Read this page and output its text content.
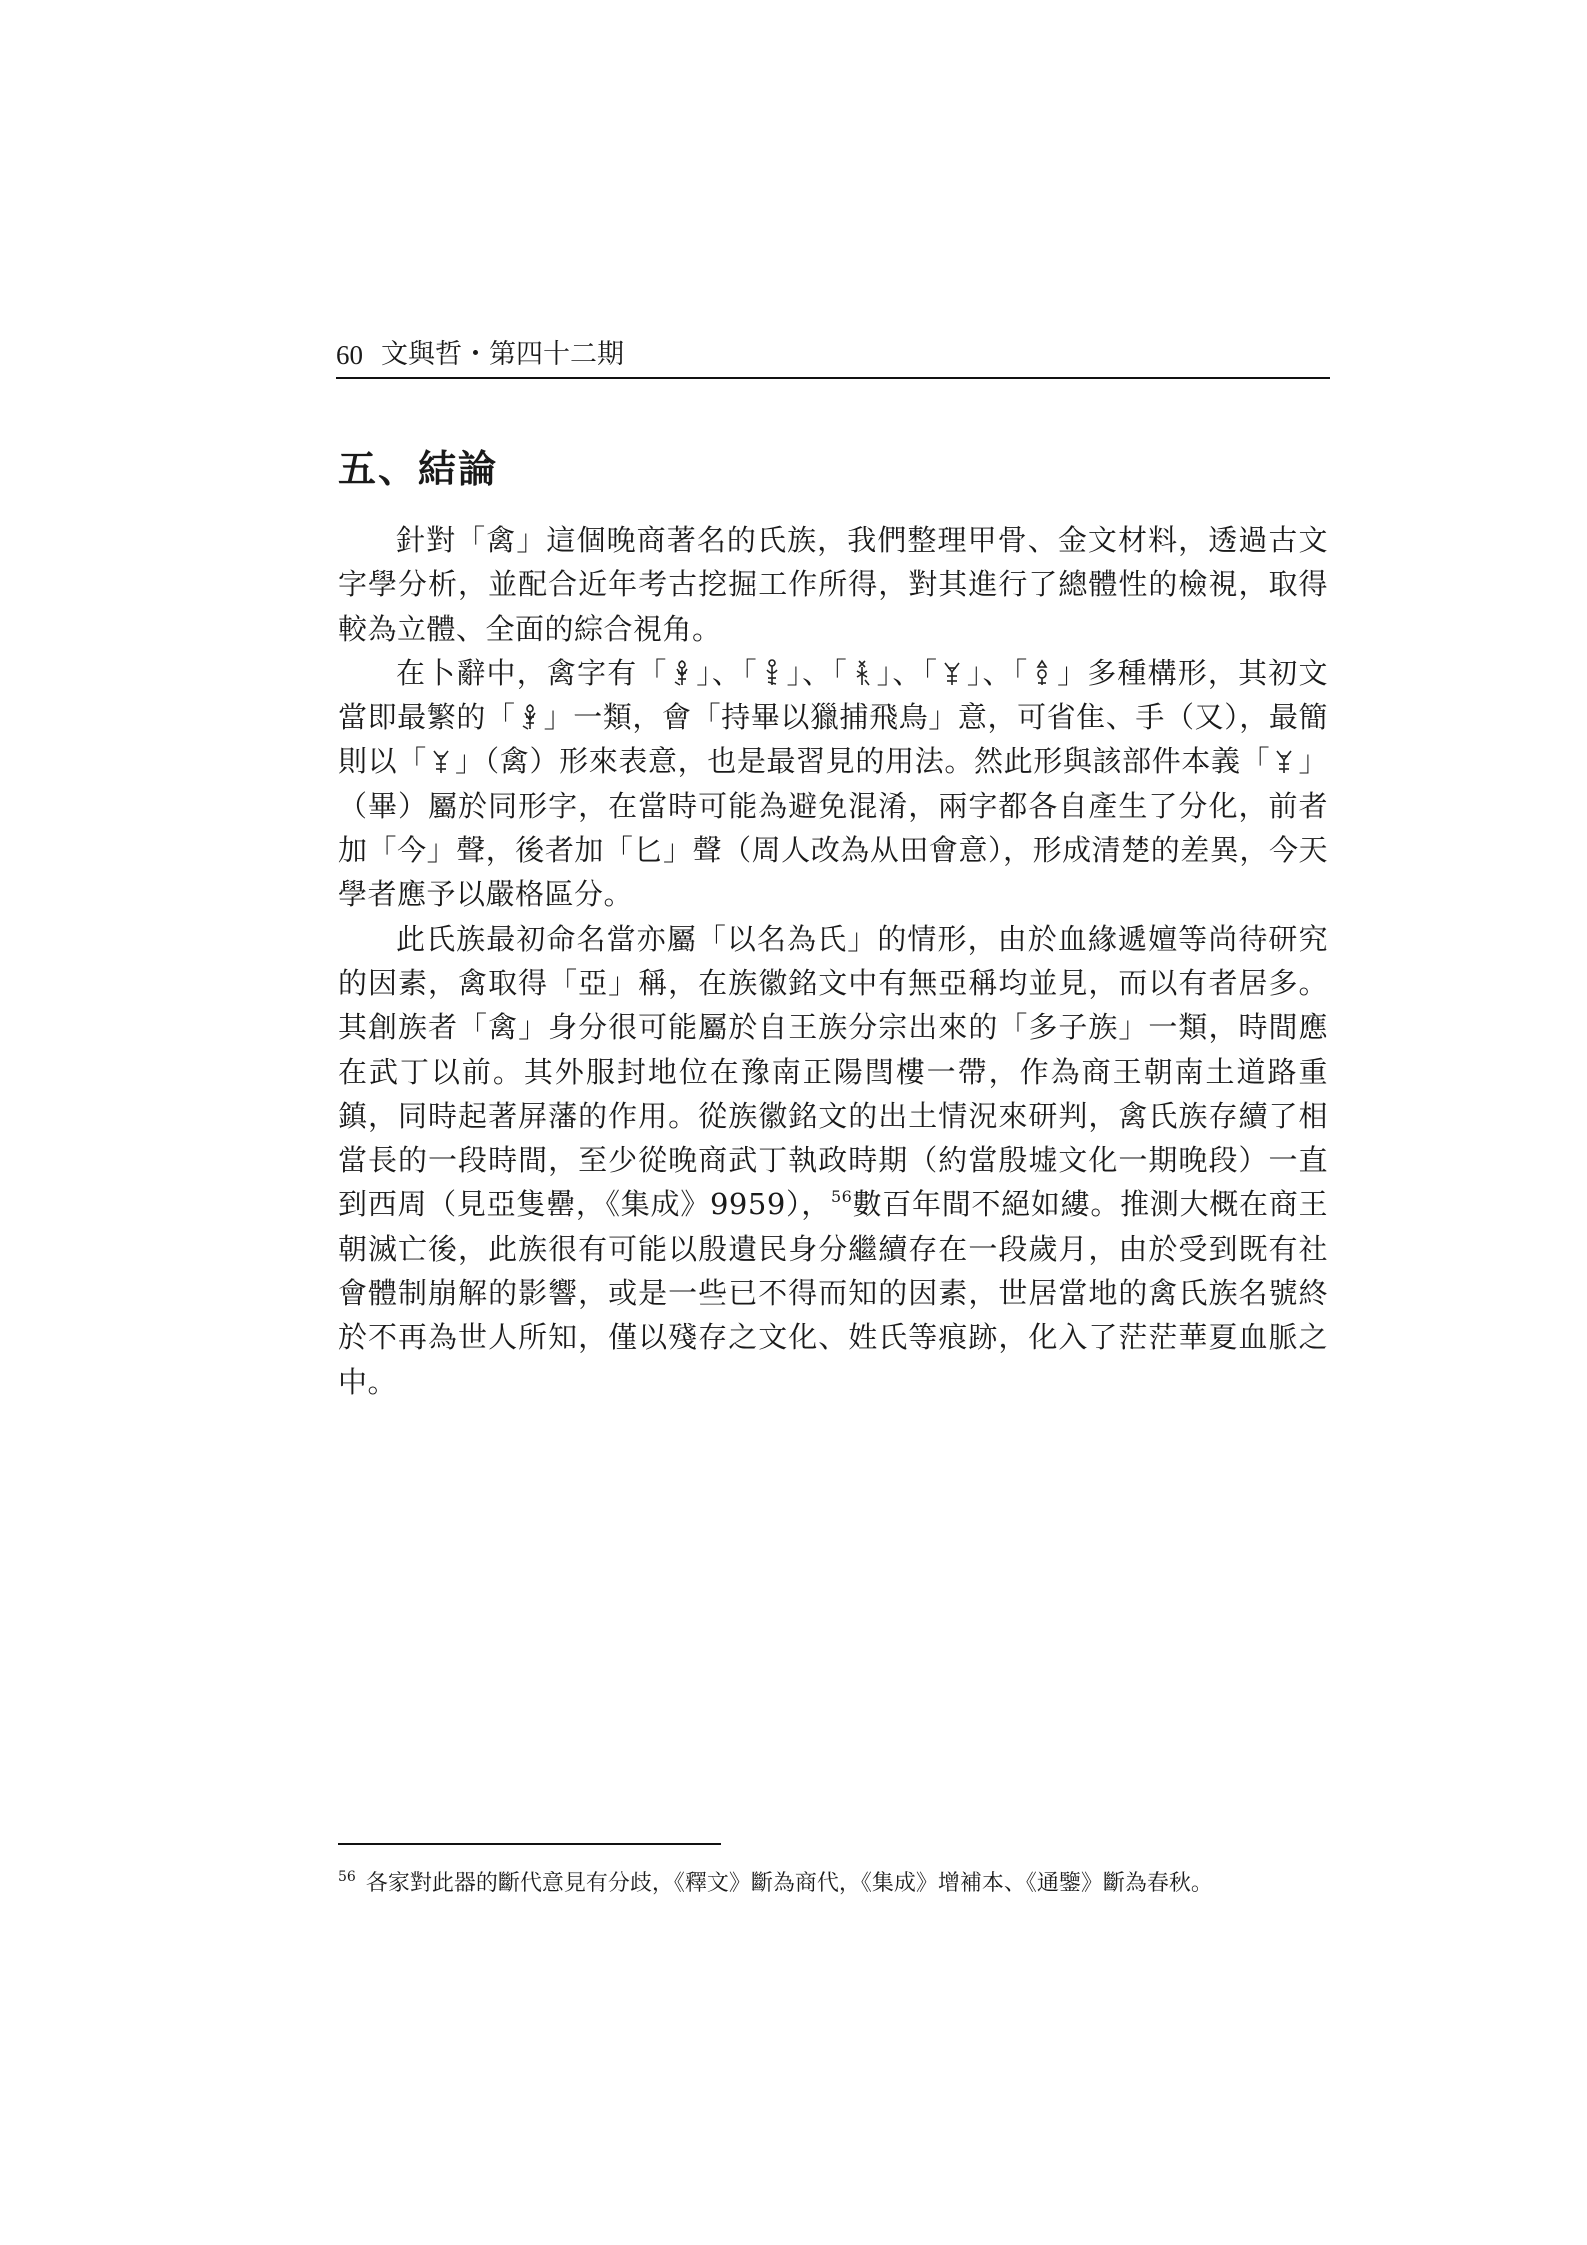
60 文與哲・第四十二期
五、結論

針對「禽」這個晚商著名的氏族，我們整理甲骨、金文材料，透過古文字學分析，並配合近年考古挖掘工作所得，對其進行了總體性的檢視，取得較為立體、全面的綜合視角。

在卜辭中，禽字有「 」、「 」、「 」、「 」、「 」多種構形，其初文當即最繁的「 」一類，會「持畢以獵捕飛鳥」意，可省隹、手（又），最簡則以「 」（禽）形來表意，也是最習見的用法。然此形與該部件本義「 」（畢）屬於同形字，在當時可能為避免混淆，兩字都各自產生了分化，前者加「今」聲，後者加「匕」聲（周人改為从田會意），形成清楚的差異，今天學者應予以嚴格區分。

此氏族最初命名當亦屬「以名為氏」的情形，由於血緣遞嬗等尚待研究的因素，禽取得「亞」稱，在族徽銘文中有無亞稱均並見，而以有者居多。其創族者「禽」身分很可能屬於自王族分宗出來的「多子族」一類，時間應在武丁以前。其外服封地位在豫南正陽閆樓一帶，作為商王朝南土道路重鎮，同時起著屏藩的作用。從族徽銘文的出土情況來研判，禽氏族存續了相當長的一段時間，至少從晚商武丁執政時期（約當殷墟文化一期晚段）一直到西周（見亞隻罍，《集成》9959），$^{56}$數百年間不絕如縷。推測大概在商王朝滅亡後，此族很有可能以殷遺民身分繼續存在一段歲月，由於受到既有社會體制崩解的影響，或是一些已不得而知的因素，世居當地的禽氏族名號終於不再為世人所知，僅以殘存之文化、姓氏等痕跡，化入了茫茫華夏血脈之中。

$^{56}$ 各家對此器的斷代意見有分歧，《釋文》斷為商代，《集成》增補本、《通鑒》斷為春秋。
